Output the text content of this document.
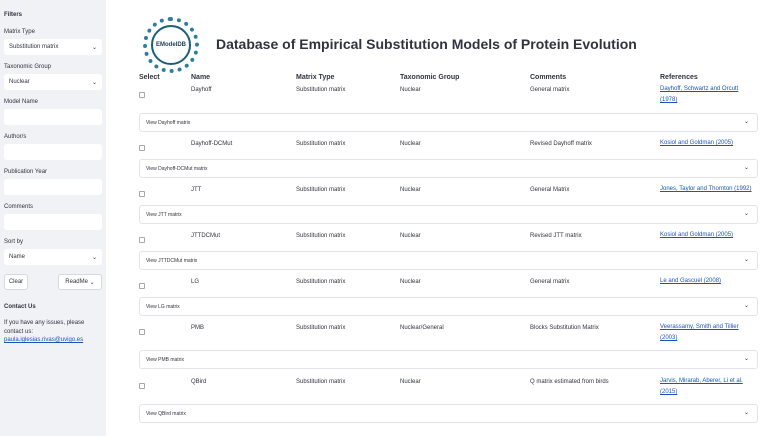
Filters
Matrix Type
Substitution matrix	⌄
Taxonomic Group
Nuclear	⌄
Model Name
Author/s
Publication Year
Comments
Sort by
Name	⌄
Clear	ReadMe
⌄
Contact Us
If you have any issues, please
contact us:
paula.iglesias.rivas@uvigo.es
EModelDB Database of Empirical Substitution Models of Protein Evolution
Select	Name	Matrix Type	Taxonomic Group	Comments	References
Dayhoff	Substitution matrix	Nuclear	General matrix	Dayhoff, Schwartz and Orcutt
(1978)
View Dayhoff matrix	⌄
Dayhoff-DCMut	Substitution matrix	Nuclear	Revised Dayhoff matrix	Kosiol and Goldman (2005)
View Dayhoff-DCMut matrix	⌄
JTT	Substitution matrix	Nuclear	General Matrix	Jones, Taylor and Thornton (1992)
View JTT matrix	⌄
JTTDCMut	Substitution matrix	Nuclear	Revised JTT matrix	Kosiol and Goldman (2005)
View JTTDCMut matrix	⌄
LG	Substitution matrix	Nuclear	General matrix	Le and Gascuel (2008)
View LG matrix	⌄
PMB	Substitution matrix	Nuclear/General	Blocks Substitution Matrix	Veerassamy, Smith and Tillier
(2003)
View PMB matrix	⌄
QBird	Substitution matrix	Nuclear	Q matrix estimated from birds	Jarvis, Mirarab, Aberer, Li et al.
(2015)
View QBird matrix	⌄
